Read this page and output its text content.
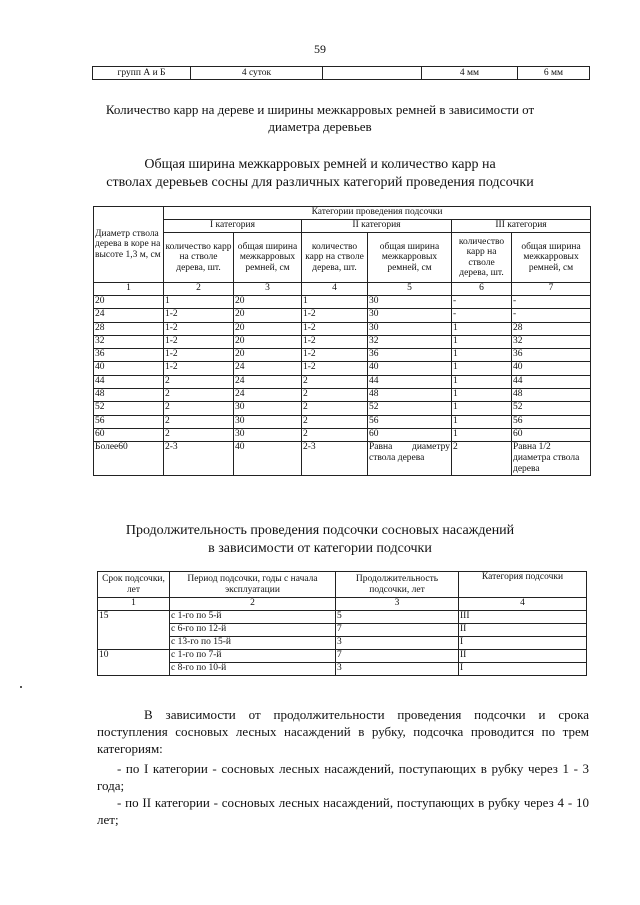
59
групп А и Б	4 суток		4 мм	6 мм
Количество карр на дереве и ширины межкарровых ремней в зависимости от
диаметра деревьев
Общая ширина межкарровых ремней и количество карр на
стволах деревьев сосны для различных категорий проведения подсочки
Диаметр ствола дерева в коре на высоте 1,3 м, см	Категории проведения подсочки					
	I категория		II категория		III категория	
	количество карр на стволе дерева, шт.	общая ширина межкарровых ремней, см	количество карр на стволе дерева, шт.	общая ширина межкарровых ремней, см	количество карр на стволе дерева, шт.	общая ширина межкарровых ремней, см
1	2	3	4	5	6	7
20	1	20	1	30	-	-
24	1-2	20	1-2	30	-	-
28	1-2	20	1-2	30	1	28
32	1-2	20	1-2	32	1	32
36	1-2	20	1-2	36	1	36
40	1-2	24	1-2	40	1	40
44	2	24	2	44	1	44
48	2	24	2	48	1	48
52	2	30	2	52	1	52
56	2	30	2	56	1	56
60	2	30	2	60	1	60
Более60	2-3	40	2-3	Равна диаметру ствола дерева	2	Равна 1/2 диаметра ствола дерева
Продолжительность проведения подсочки сосновых насаждений
в зависимости от категории подсочки
Срок подсочки, лет	Период подсочки, годы с начала эксплуатации	Продолжительность подсочки, лет	Категория подсочки
1	2	3	4
15	с 1-го по 5-й	5	III
	с 6-го по 12-й	7	II
	с 13-го по 15-й	3	I
10	с 1-го по 7-й	7	II
	с 8-го по 10-й	3	I
В зависимости от продолжительности проведения подсочки и срока поступления сосновых лесных насаждений в рубку, подсочка проводится по трем категориям:
- по I категории - сосновых лесных насаждений, поступающих в рубку через 1 - 3 года;
- по II категории - сосновых лесных насаждений, поступающих в рубку через 4 - 10 лет;
